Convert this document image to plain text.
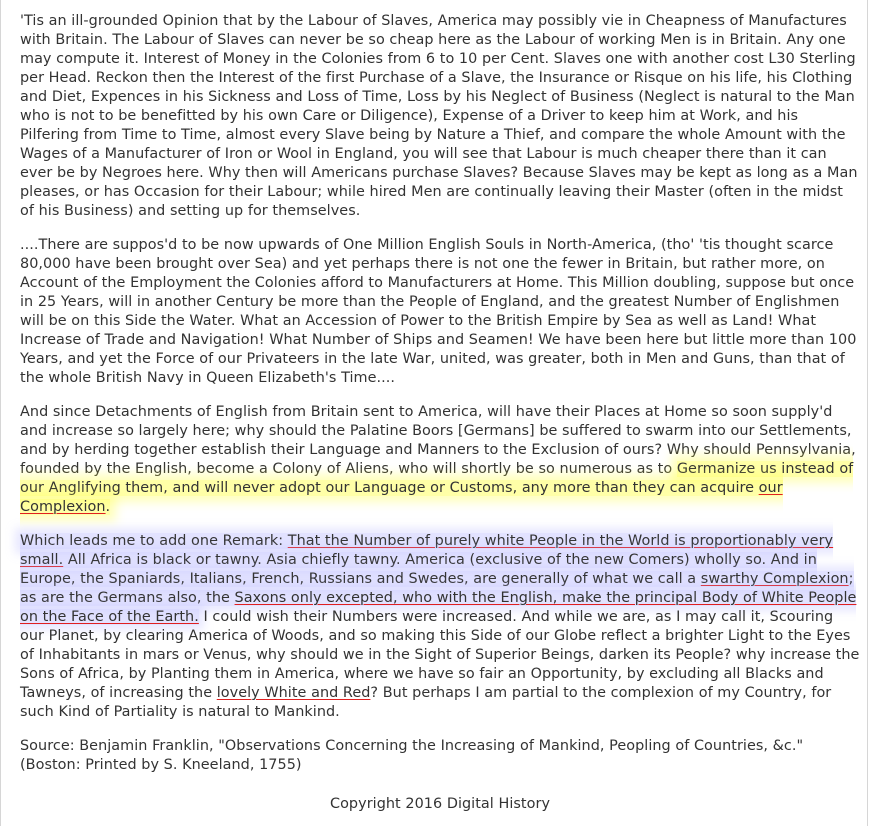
'Tis an ill-grounded Opinion that by the Labour of Slaves, America may possibly vie in Cheapness of Manufactures with Britain. The Labour of Slaves can never be so cheap here as the Labour of working Men is in Britain. Any one may compute it. Interest of Money in the Colonies from 6 to 10 per Cent. Slaves one with another cost L30 Sterling per Head. Reckon then the Interest of the first Purchase of a Slave, the Insurance or Risque on his life, his Clothing and Diet, Expences in his Sickness and Loss of Time, Loss by his Neglect of Business (Neglect is natural to the Man who is not to be benefitted by his own Care or Diligence), Expense of a Driver to keep him at Work, and his Pilfering from Time to Time, almost every Slave being by Nature a Thief, and compare the whole Amount with the Wages of a Manufacturer of Iron or Wool in England, you will see that Labour is much cheaper there than it can ever be by Negroes here. Why then will Americans purchase Slaves? Because Slaves may be kept as long as a Man pleases, or has Occasion for their Labour; while hired Men are continually leaving their Master (often in the midst of his Business) and setting up for themselves.

....There are suppos'd to be now upwards of One Million English Souls in North-America, (tho' 'tis thought scarce 80,000 have been brought over Sea) and yet perhaps there is not one the fewer in Britain, but rather more, on Account of the Employment the Colonies afford to Manufacturers at Home. This Million doubling, suppose but once in 25 Years, will in another Century be more than the People of England, and the greatest Number of Englishmen will be on this Side the Water. What an Accession of Power to the British Empire by Sea as well as Land! What Increase of Trade and Navigation! What Number of Ships and Seamen! We have been here but little more than 100 Years, and yet the Force of our Privateers in the late War, united, was greater, both in Men and Guns, than that of the whole British Navy in Queen Elizabeth's Time....

And since Detachments of English from Britain sent to America, will have their Places at Home so soon supply'd and increase so largely here; why should the Palatine Boors [Germans] be suffered to swarm into our Settlements, and by herding together establish their Language and Manners to the Exclusion of ours? Why should Pennsylvania, founded by the English, become a Colony of Aliens, who will shortly be so numerous as to Germanize us instead of our Anglifying them, and will never adopt our Language or Customs, any more than they can acquire our Complexion.

Which leads me to add one Remark: That the Number of purely white People in the World is proportionably very small. All Africa is black or tawny. Asia chiefly tawny. America (exclusive of the new Comers) wholly so. And in Europe, the Spaniards, Italians, French, Russians and Swedes, are generally of what we call a swarthy Complexion; as are the Germans also, the Saxons only excepted, who with the English, make the principal Body of White People on the Face of the Earth. I could wish their Numbers were increased. And while we are, as I may call it, Scouring our Planet, by clearing America of Woods, and so making this Side of our Globe reflect a brighter Light to the Eyes of Inhabitants in mars or Venus, why should we in the Sight of Superior Beings, darken its People? why increase the Sons of Africa, by Planting them in America, where we have so fair an Opportunity, by excluding all Blacks and Tawneys, of increasing the lovely White and Red? But perhaps I am partial to the complexion of my Country, for such Kind of Partiality is natural to Mankind.

Source: Benjamin Franklin, "Observations Concerning the Increasing of Mankind, Peopling of Countries, &c."
(Boston: Printed by S. Kneeland, 1755)
Copyright 2016 Digital History
